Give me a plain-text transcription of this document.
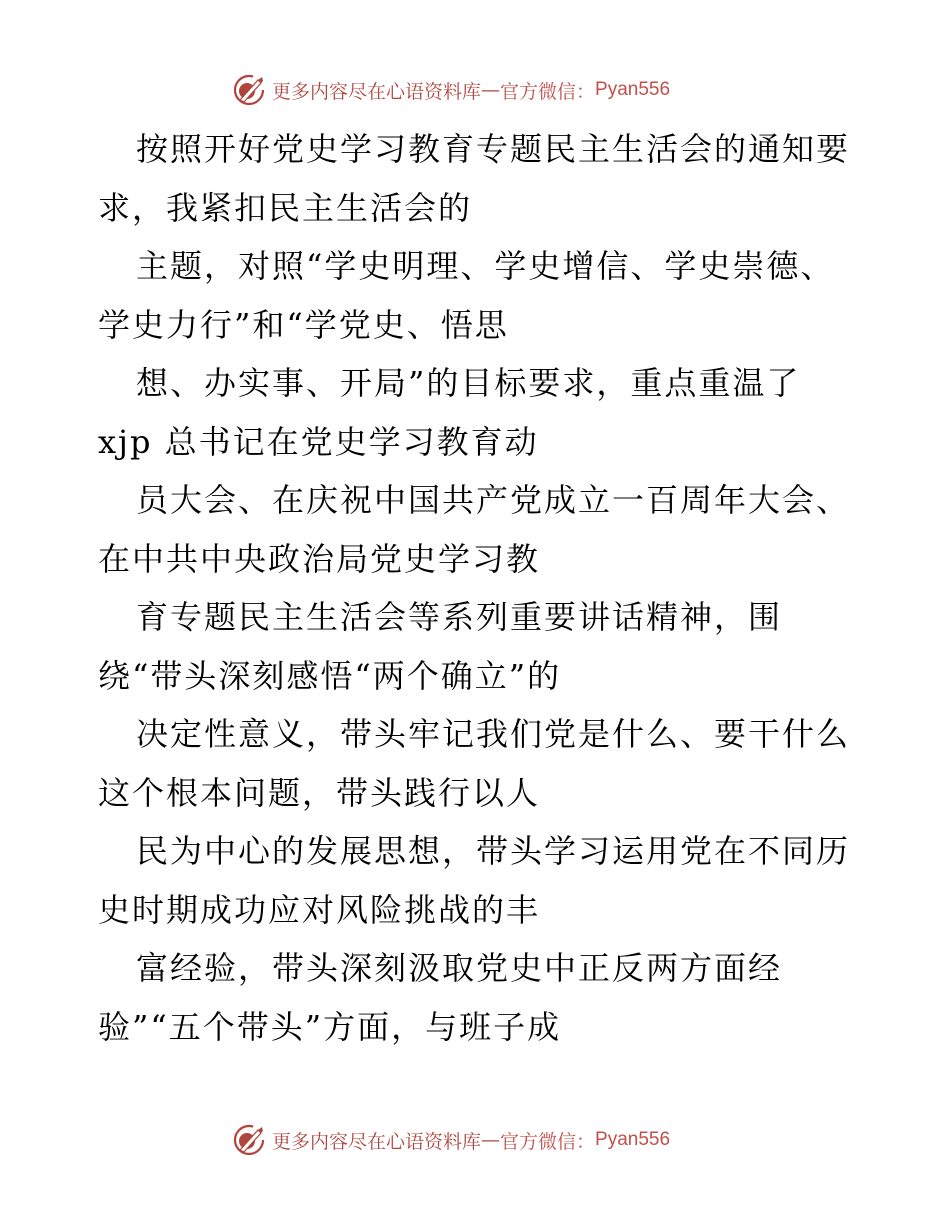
更多内容尽在心语资料库 — 官方微信： Pyan556
按照开好党史学习教育专题民主生活会的通知要
求，我紧扣民主生活会的
主题，对照“学史明理、学史增信、学史崇德、
学史力行”和“学党史、悟思
想、办实事、开局”的目标要求，重点重温了
xjp 总书记在党史学习教育动
员大会、在庆祝中国共产党成立一百周年大会、
在中共中央政治局党史学习教
育专题民主生活会等系列重要讲话精神，围
绕“带头深刻感悟“两个确立”的
决定性意义，带头牢记我们党是什么、要干什么
这个根本问题，带头践行以人
民为中心的发展思想，带头学习运用党在不同历
史时期成功应对风险挑战的丰
富经验，带头深刻汲取党史中正反两方面经
验”“五个带头”方面，与班子成
更多内容尽在心语资料库 — 官方微信： Pyan556
